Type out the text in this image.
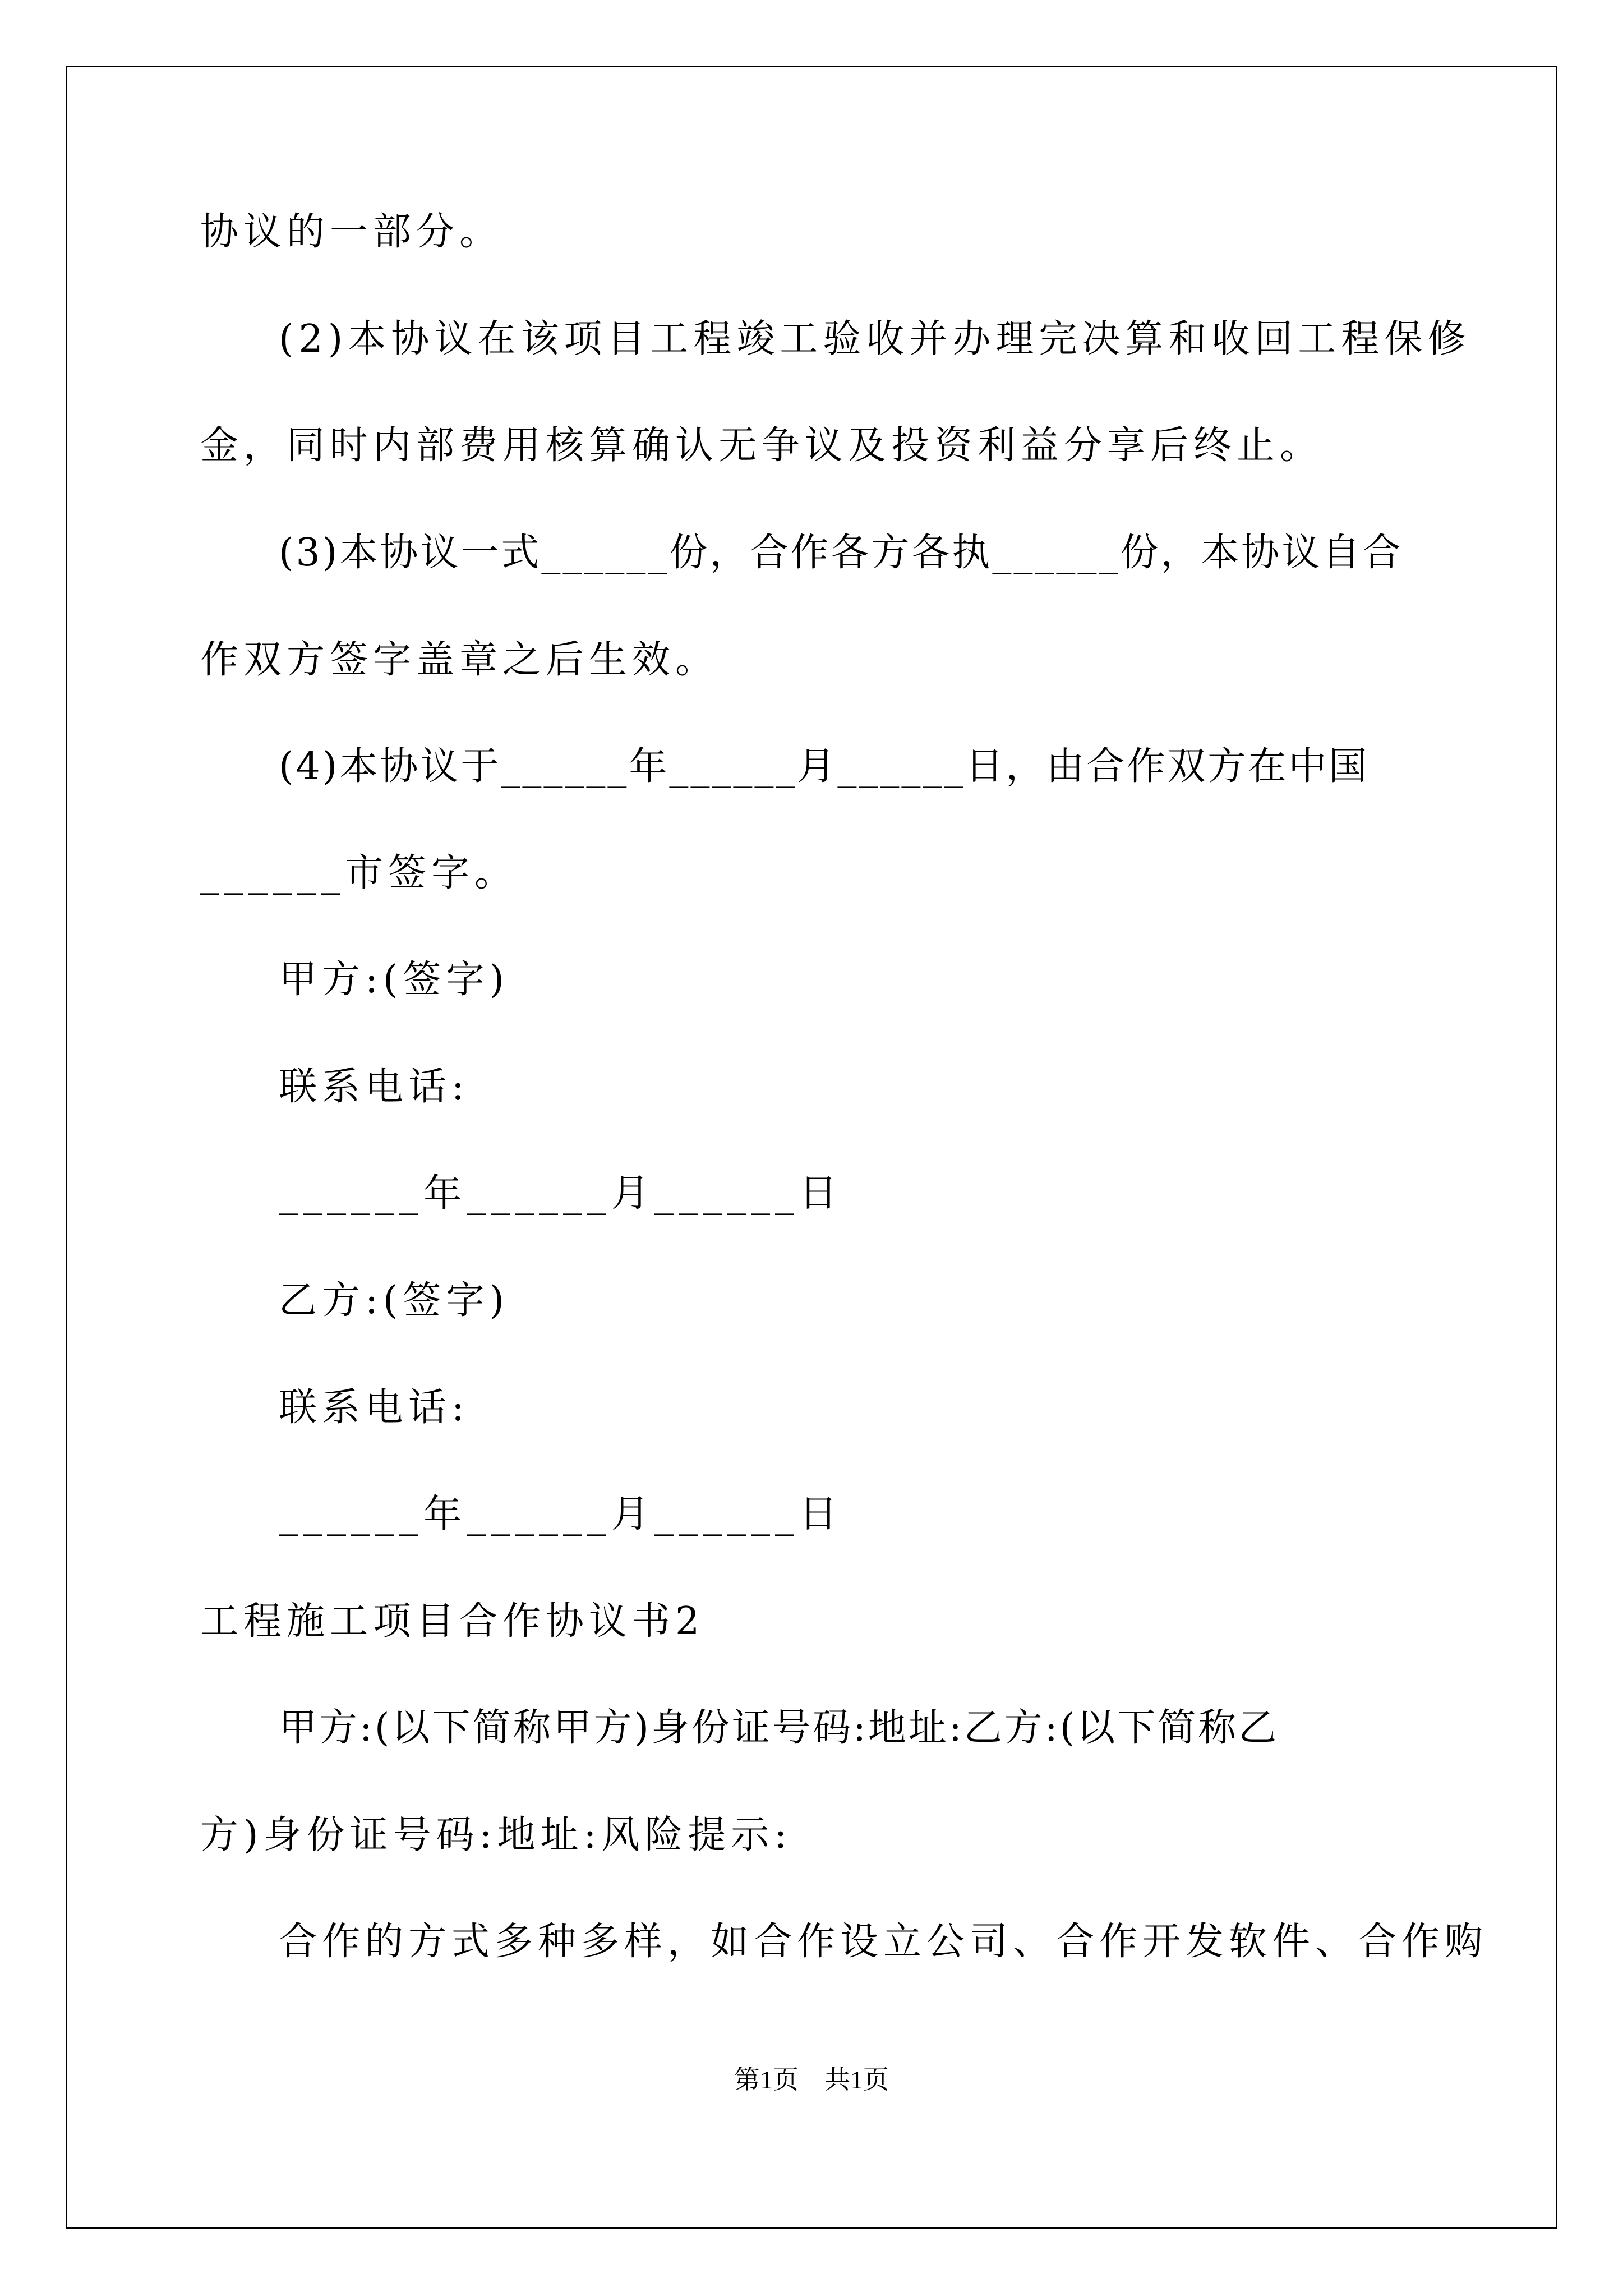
协议的一部分。
(2)本协议在该项目工程竣工验收并办理完决算和收回工程保修
金，同时内部费用核算确认无争议及投资利益分享后终止。
(3)本协议一式______份，合作各方各执______份，本协议自合
作双方签字盖章之后生效。
(4)本协议于______年______月______日，由合作双方在中国
______市签字。
甲方:(签字)
联系电话:
______年______月______日
乙方:(签字)
联系电话:
______年______月______日
工程施工项目合作协议书2
甲方:(以下简称甲方)身份证号码:地址:乙方:(以下简称乙
方)身份证号码:地址:风险提示:
合作的方式多种多样，如合作设立公司、合作开发软件、合作购
第1页　共1页
